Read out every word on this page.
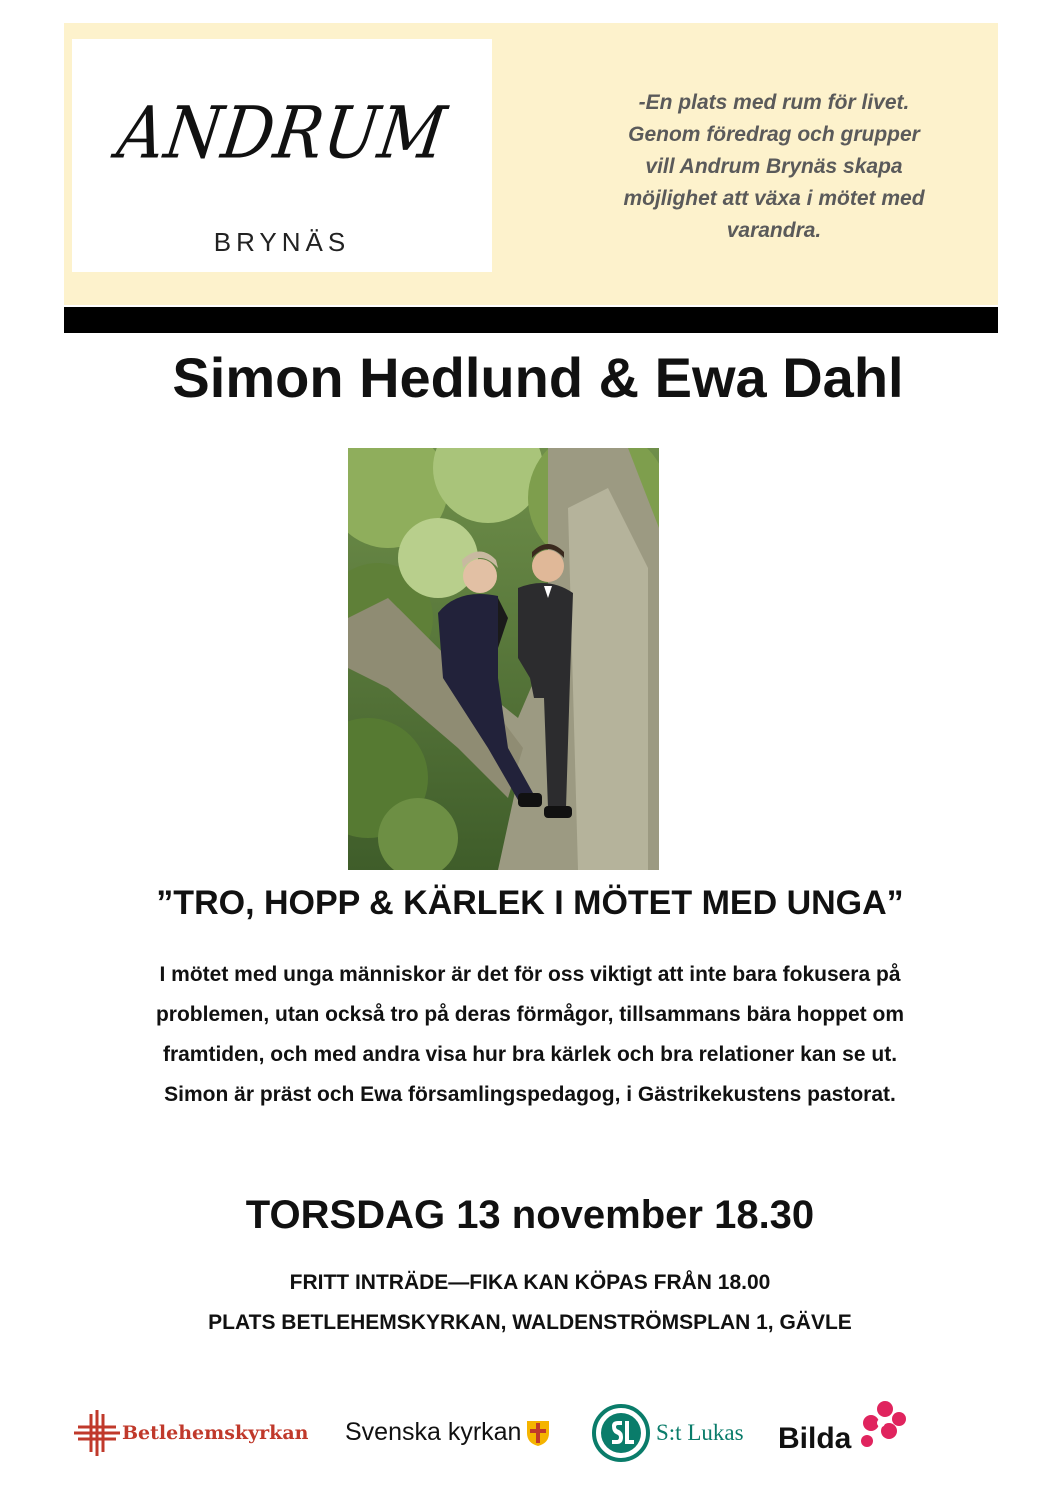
ANDRUM
BRYNÄS
-En plats med rum för livet.
Genom föredrag och grupper
vill Andrum Brynäs skapa
möjlighet att växa i mötet med
varandra.
Simon Hedlund & Ewa Dahl
”TRO, HOPP & KÄRLEK I MÖTET MED UNGA”
I mötet med unga människor är det för oss viktigt att inte bara fokusera på
problemen, utan också tro på deras förmågor, tillsammans bära hoppet om
framtiden, och med andra visa hur bra kärlek och bra relationer kan se ut.
Simon är präst och Ewa församlingspedagog, i Gästrikekustens pastorat.
TORSDAG 13 november 18.30
FRITT INTRÄDE—FIKA KAN KÖPAS FRÅN 18.00
PLATS BETLEHEMSKYRKAN, WALDENSTRÖMSPLAN 1, GÄVLE
Betlehemskyrkan Svenska kyrkan	S:t Lukas Bilda
